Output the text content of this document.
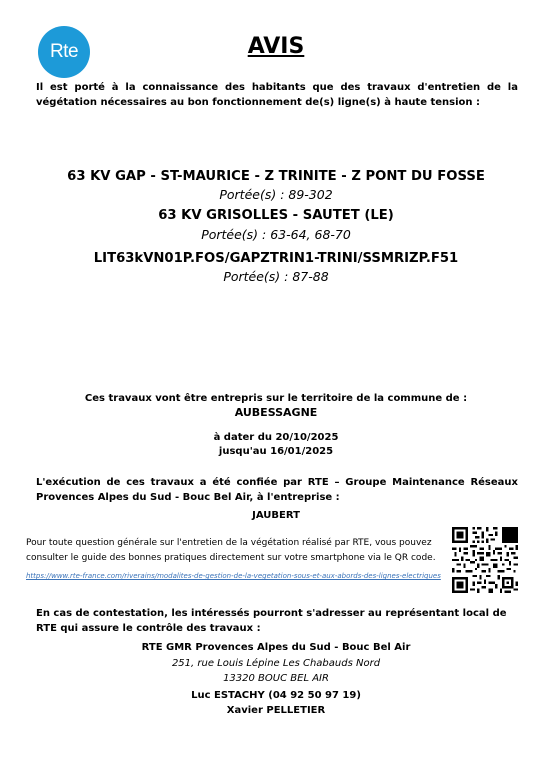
Rte	AVIS
Il est porté à la connaissance des habitants que des travaux d'entretien de la végétation nécessaires au bon fonctionnement de(s) ligne(s) à haute tension :
63 KV GAP - ST-MAURICE - Z TRINITE - Z PONT DU FOSSE
Portée(s) : 89-302
63 KV GRISOLLES - SAUTET (LE)
Portée(s) : 63-64, 68-70
LIT63kVN01P.FOS/GAPZTRIN1-TRINI/SSMRIZP.F51
Portée(s) : 87-88
Ces travaux vont être entrepris sur le territoire de la commune de :
AUBESSAGNE
à dater du 20/10/2025
jusqu'au 16/01/2025
L'exécution de ces travaux a été confiée par RTE – Groupe Maintenance Réseaux Provences Alpes du Sud - Bouc Bel Air, à l'entreprise :
JAUBERT
Pour toute question générale sur l'entretien de la végétation réalisé par RTE, vous pouvez consulter le guide des bonnes pratiques directement sur votre smartphone via le QR code.
https://www.rte-france.com/riverains/modalites-de-gestion-de-la-vegetation-sous-et-aux-abords-des-lignes-electriques
En cas de contestation, les intéressés pourront s'adresser au représentant local de RTE qui assure le contrôle des travaux :
RTE GMR Provences Alpes du Sud - Bouc Bel Air
251, rue Louis Lépine Les Chabauds Nord
13320 BOUC BEL AIR
Luc ESTACHY (04 92 50 97 19)
Xavier PELLETIER
